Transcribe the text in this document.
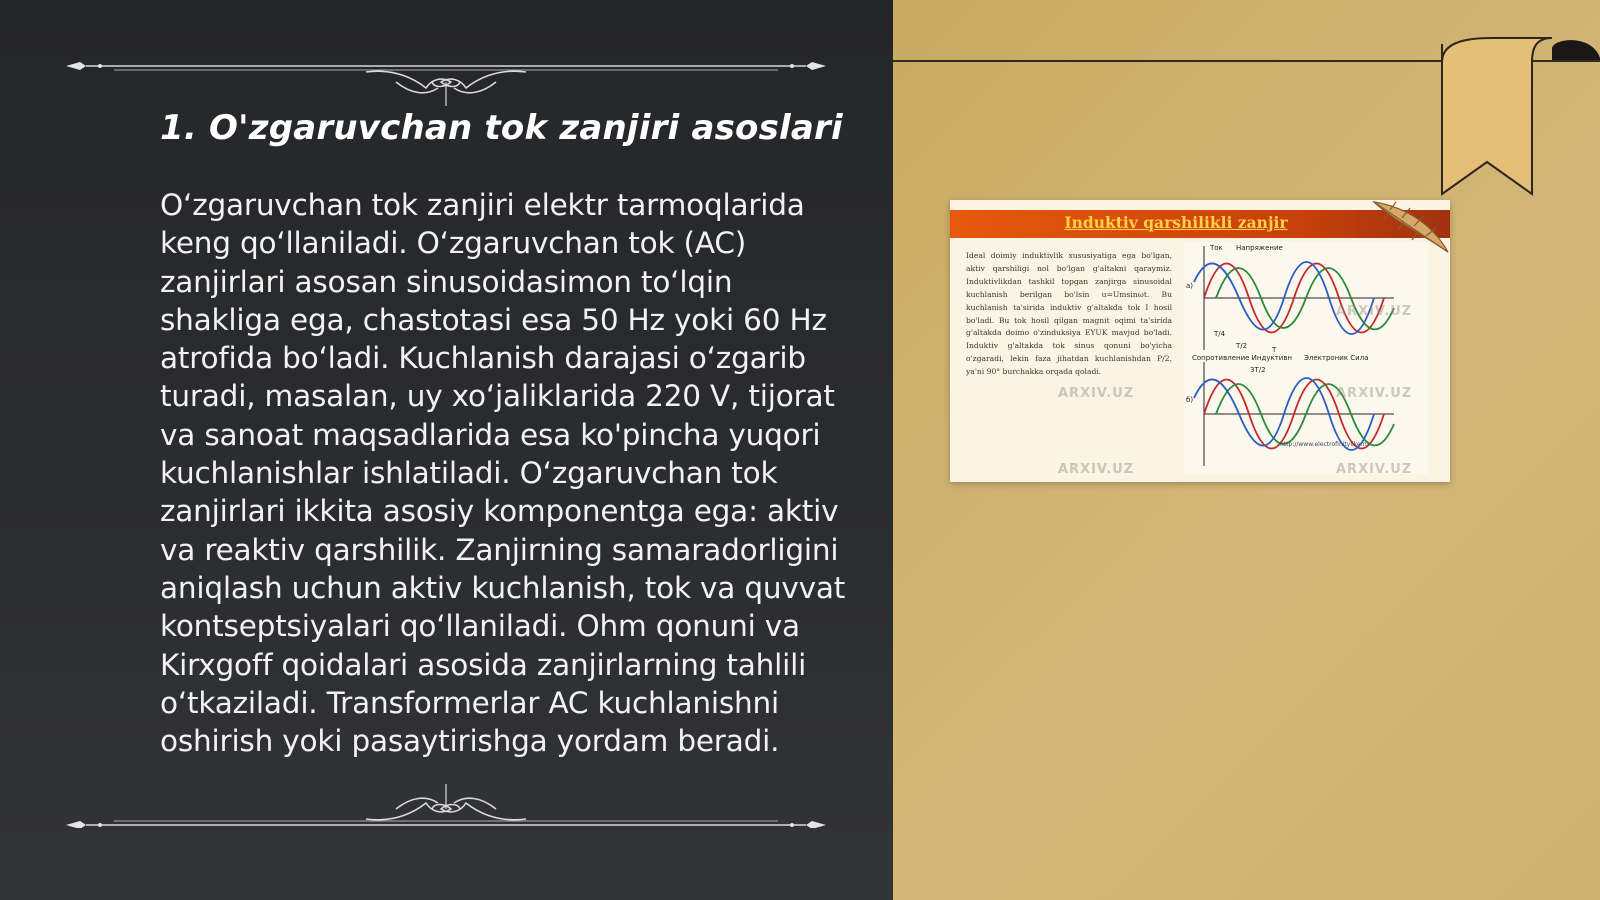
1. O'zgaruvchan tok zanjiri asoslari

O‘zgaruvchan tok zanjiri elektr tarmoqlarida keng qo‘llaniladi. O‘zgaruvchan tok (AC) zanjirlari asosan sinusoidasimon to‘lqin shakliga ega, chastotasi esa 50 Hz yoki 60 Hz atrofida bo‘ladi. Kuchlanish darajasi o‘zgarib turadi, masalan, uy xo‘jaliklarida 220 V, tijorat va sanoat maqsadlarida esa ko'pincha yuqori kuchlanishlar ishlatiladi. O‘zgaruvchan tok zanjirlari ikkita asosiy komponentga ega: aktiv va reaktiv qarshilik. Zanjirning samaradorligini aniqlash uchun aktiv kuchlanish, tok va quvvat kontseptsiyalari qo‘llaniladi. Ohm qonuni va Kirxgoff qoidalari asosida zanjirlarning tahlili o‘tkaziladi. Transformerlar AC kuchlanishni oshirish yoki pasaytirishga yordam beradi.

Induktiv qarshilikli zanjir

Ideal doimiy induktivlik xususiyatiga ega bo'lgan, aktiv qarshiligi nol bo'lgan g'altakni qaraymiz. Induktivlikdan tashkil topgan zanjirga sinusoidal kuchlanish berilgan bo'lsin u=Umsinωt. Bu kuchlanish ta'sirida induktiv g'altakda tok I hosil bo'ladi. Bu tok hosil qilgan magnit oqimi ta'sirida g'altakda doimo o'zinduksiya EYUK mavjud bo'ladi. Induktiv g'altakda tok sinus qonuni bo'yicha o'zgaradi, lekin faza jihatdan kuchlanishdan P/2, ya'ni 90° burchakka orqada qoladi.

Ток Напряжение
а)
б)
T/4
T/2	T
3T/2
Сопротивление Индуктивн Электроник Сила
http://www.electrofinitylike.ru

ARXIV.UZ

ARXIV.UZ

ARXIV.UZ

ARXIV.UZ	ARXIV.UZ
